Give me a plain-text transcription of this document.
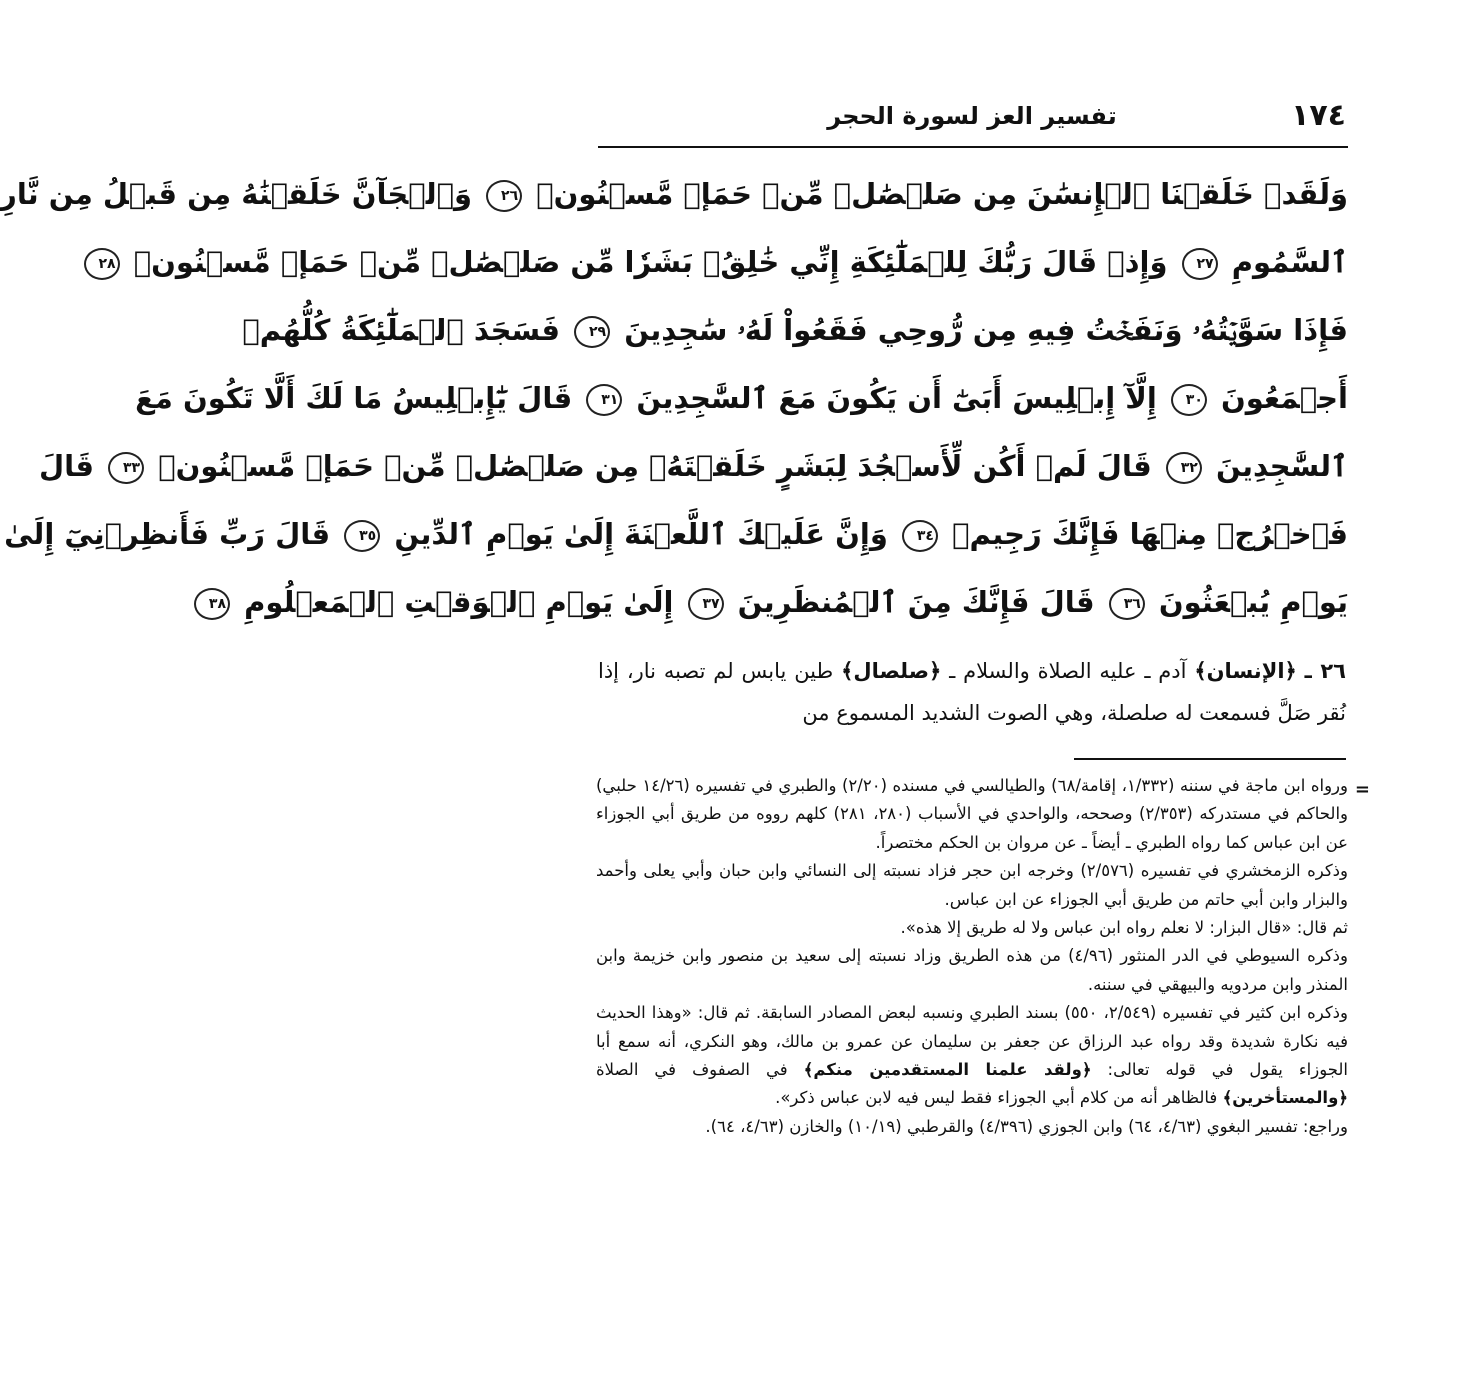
١٧٤
تفسير العز لسورة الحجر
وَلَقَدۡ خَلَقۡنَا ٱلۡإِنسَٰنَ مِن صَلۡصَٰلٖ مِّنۡ حَمَإٖ مَّسۡنُونٖ ٢٦ وَٱلۡجَآنَّ خَلَقۡنَٰهُ مِن قَبۡلُ مِن نَّارِ
ٱلسَّمُومِ ٢٧ وَإِذۡ قَالَ رَبُّكَ لِلۡمَلَٰٓئِكَةِ إِنِّي خَٰلِقُۢ بَشَرٗا مِّن صَلۡصَٰلٖ مِّنۡ حَمَإٖ مَّسۡنُونٖ ٢٨
فَإِذَا سَوَّيۡتُهُۥ وَنَفَخۡتُ فِيهِ مِن رُّوحِي فَقَعُواْ لَهُۥ سَٰجِدِينَ ٢٩ فَسَجَدَ ٱلۡمَلَٰٓئِكَةُ كُلُّهُمۡ
أَجۡمَعُونَ ٣٠ إِلَّآ إِبۡلِيسَ أَبَىٰٓ أَن يَكُونَ مَعَ ٱلسَّٰجِدِينَ ٣١ قَالَ يَٰٓإِبۡلِيسُ مَا لَكَ أَلَّا تَكُونَ مَعَ
ٱلسَّٰجِدِينَ ٣٢ قَالَ لَمۡ أَكُن لِّأَسۡجُدَ لِبَشَرٍ خَلَقۡتَهُۥ مِن صَلۡصَٰلٖ مِّنۡ حَمَإٖ مَّسۡنُونٖ ٣٣ قَالَ
فَٱخۡرُجۡ مِنۡهَا فَإِنَّكَ رَجِيمٞ ٣٤ وَإِنَّ عَلَيۡكَ ٱللَّعۡنَةَ إِلَىٰ يَوۡمِ ٱلدِّينِ ٣٥ قَالَ رَبِّ فَأَنظِرۡنِيٓ إِلَىٰ
يَوۡمِ يُبۡعَثُونَ ٣٦ قَالَ فَإِنَّكَ مِنَ ٱلۡمُنظَرِينَ ٣٧ إِلَىٰ يَوۡمِ ٱلۡوَقۡتِ ٱلۡمَعۡلُومِ ٣٨
٢٦ ـ ﴿الإنسان﴾ آدم ـ عليه الصلاة والسلام ـ ﴿صلصال﴾ طين يابس لم تصبه نار، إذا نُقر صَلَّ فسمعت له صلصلة، وهي الصوت الشديد المسموع من
=

ورواه ابن ماجة في سننه (١/٣٣٢، إقامة/٦٨) والطيالسي في مسنده (٢/٢٠) والطبري في تفسيره (١٤/٢٦ حلبي) والحاكم في مستدركه (٢/٣٥٣) وصححه، والواحدي في الأسباب (٢٨٠، ٢٨١) كلهم رووه من طريق أبي الجوزاء عن ابن عباس كما رواه الطبري ـ أيضاً ـ عن مروان بن الحكم مختصراً.

وذكره الزمخشري في تفسيره (٢/٥٧٦) وخرجه ابن حجر فزاد نسبته إلى النسائي وابن حبان وأبي يعلى وأحمد والبزار وابن أبي حاتم من طريق أبي الجوزاء عن ابن عباس.

ثم قال: «قال البزار: لا نعلم رواه ابن عباس ولا له طريق إلا هذه».

وذكره السيوطي في الدر المنثور (٤/٩٦) من هذه الطريق وزاد نسبته إلى سعيد بن منصور وابن خزيمة وابن المنذر وابن مردويه والبيهقي في سننه.

وذكره ابن كثير في تفسيره (٢/٥٤٩، ٥٥٠) بسند الطبري ونسبه لبعض المصادر السابقة. ثم قال: «وهذا الحديث فيه نكارة شديدة وقد رواه عبد الرزاق عن جعفر بن سليمان عن عمرو بن مالك، وهو النكري، أنه سمع أبا الجوزاء يقول في قوله تعالى: ﴿ولقد علمنا المستقدمين منكم﴾ في الصفوف في الصلاة ﴿والمستأخرين﴾ فالظاهر أنه من كلام أبي الجوزاء فقط ليس فيه لابن عباس ذكر».

وراجع: تفسير البغوي (٤/٦٣، ٦٤) وابن الجوزي (٤/٣٩٦) والقرطبي (١٠/١٩) والخازن (٤/٦٣، ٦٤).
